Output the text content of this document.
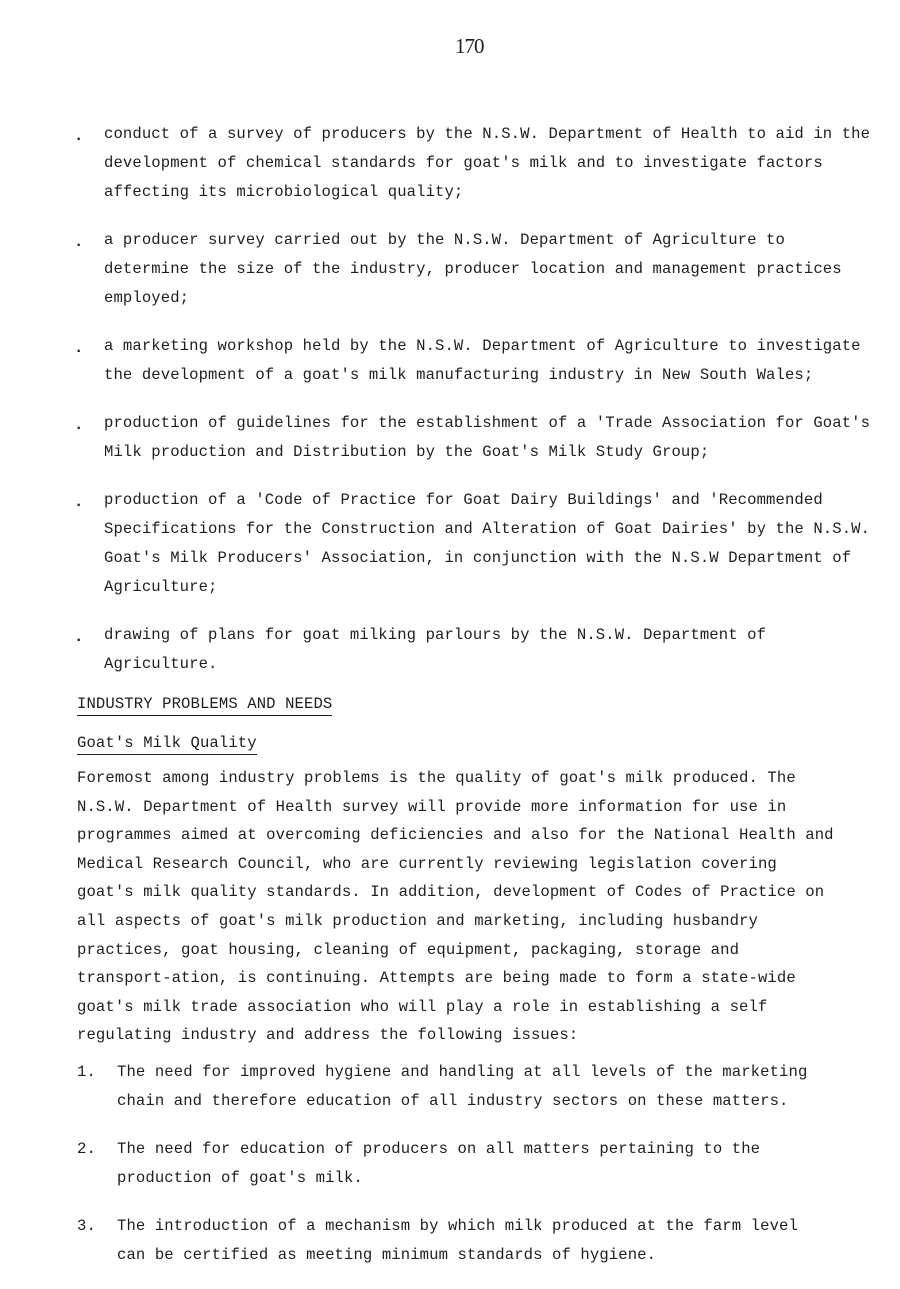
170
. conduct of a survey of producers by the N.S.W. Department of Health to aid in the development of chemical standards for goat's milk and to investigate factors affecting its microbiological quality;
. a producer survey carried out by the N.S.W. Department of Agriculture to determine the size of the industry, producer location and management practices employed;
. a marketing workshop held by the N.S.W. Department of Agriculture to investigate the development of a goat's milk manufacturing industry in New South Wales;
. production of guidelines for the establishment of a 'Trade Association for Goat's Milk production and Distribution by the Goat's Milk Study Group;
. production of a 'Code of Practice for Goat Dairy Buildings' and 'Recommended Specifications for the Construction and Alteration of Goat Dairies' by the N.S.W. Goat's Milk Producers' Association, in conjunction with the N.S.W Department of Agriculture;
. drawing of plans for goat milking parlours by the N.S.W. Department of Agriculture.
INDUSTRY PROBLEMS AND NEEDS
Goat's Milk Quality

Foremost among industry problems is the quality of goat's milk produced. The N.S.W. Department of Health survey will provide more information for use in programmes aimed at overcoming deficiencies and also for the National Health and Medical Research Council, who are currently reviewing legislation covering goat's milk quality standards. In addition, development of Codes of Practice on all aspects of goat's milk production and marketing, including husbandry practices, goat housing, cleaning of equipment, packaging, storage and transport-ation, is continuing. Attempts are being made to form a state-wide goat's milk trade association who will play a role in establishing a self regulating industry and address the following issues:

1. The need for improved hygiene and handling at all levels of the marketing chain and therefore education of all industry sectors on these matters.
2. The need for education of producers on all matters pertaining to the production of goat's milk.
3. The introduction of a mechanism by which milk produced at the farm level can be certified as meeting minimum standards of hygiene.
